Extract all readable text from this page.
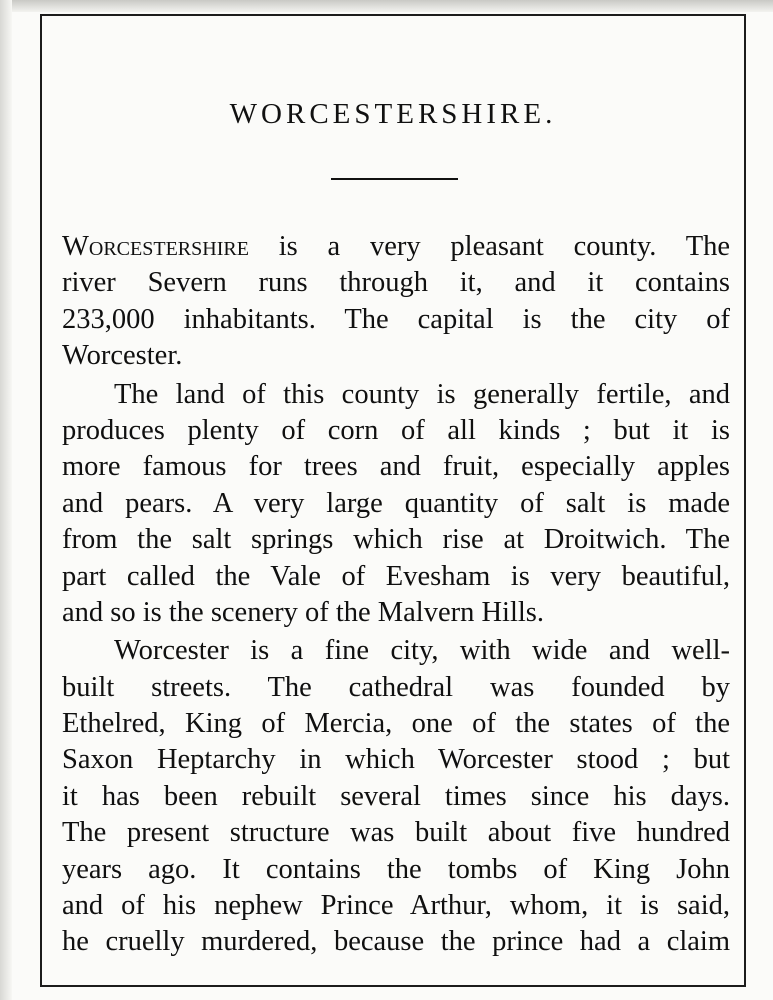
WORCESTERSHIRE.
Worcestershire is a very pleasant county. The
river Severn runs through it, and it contains
233,000 inhabitants. The capital is the city of
Worcester.
The land of this county is generally fertile, and
produces plenty of corn of all kinds ; but it is
more famous for trees and fruit, especially apples
and pears. A very large quantity of salt is made
from the salt springs which rise at Droitwich. The
part called the Vale of Evesham is very beautiful,
and so is the scenery of the Malvern Hills.
Worcester is a fine city, with wide and well-
built streets. The cathedral was founded by
Ethelred, King of Mercia, one of the states of the
Saxon Heptarchy in which Worcester stood ; but
it has been rebuilt several times since his days.
The present structure was built about five hundred
years ago. It contains the tombs of King John
and of his nephew Prince Arthur, whom, it is said,
he cruelly murdered, because the prince had a claim
